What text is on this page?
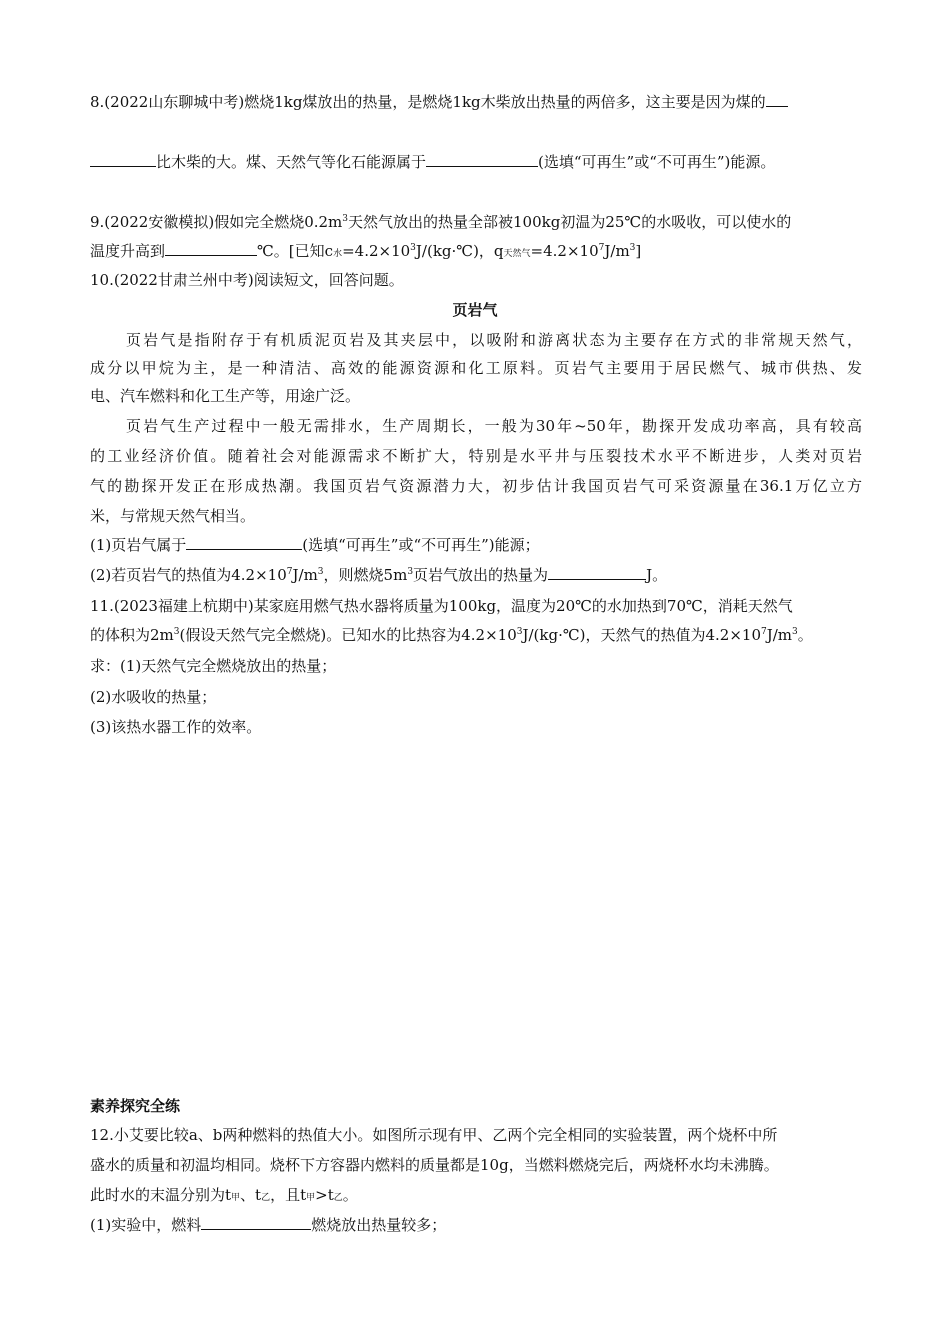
8.(2022山东聊城中考)燃烧1kg煤放出的热量，是燃烧1kg木柴放出热量的两倍多，这主要是因为煤的
比木柴的大。煤、天然气等化石能源属于	(选填“可再生”或“不可再生”)能源。
9.(2022安徽模拟)假如完全燃烧$0.2m^3$天然气放出的热量全部被100kg初温为25℃的水吸收，可以使水的
温度升高到	℃。[已知c水$=4.2\times 10^3J/(kg\cdot℃)$，q天然气$=4.2\times 10^7J/m^3$]
10.(2022甘肃兰州中考)阅读短文，回答问题。
页岩气
页岩气是指附存于有机质泥页岩及其夹层中，以吸附和游离状态为主要存在方式的非常规天然气，
成分以甲烷为主，是一种清洁、高效的能源资源和化工原料。页岩气主要用于居民燃气、城市供热、发
电、汽车燃料和化工生产等，用途广泛。
页岩气生产过程中一般无需排水，生产周期长，一般为30年~50年，勘探开发成功率高，具有较高
的工业经济价值。随着社会对能源需求不断扩大，特别是水平井与压裂技术水平不断进步，人类对页岩
气的勘探开发正在形成热潮。我国页岩气资源潜力大，初步估计我国页岩气可采资源量在36.1万亿立方
米，与常规天然气相当。
(1)页岩气属于	(选填“可再生”或“不可再生”)能源；
(2)若页岩气的热值为$4.2\times 10^7J/m^3$，则燃烧$5m^3$页岩气放出的热量为	J。
11.(2023福建上杭期中)某家庭用燃气热水器将质量为100kg，温度为20℃的水加热到70℃，消耗天然气
的体积为$2m^3$(假设天然气完全燃烧)。已知水的比热容为$4.2\times 10^3J/(kg\cdot℃)$，天然气的热值为$4.2\times 10^7J/m^3$。
求：(1)天然气完全燃烧放出的热量；
(2)水吸收的热量；
(3)该热水器工作的效率。
素养探究全练
12.小艾要比较a、b两种燃料的热值大小。如图所示现有甲、乙两个完全相同的实验装置，两个烧杯中所
盛水的质量和初温均相同。烧杯下方容器内燃料的质量都是10g，当燃料燃烧完后，两烧杯水均未沸腾。
此时水的末温分别为t甲、t乙，且t甲>t乙。
(1)实验中，燃料	燃烧放出热量较多；
